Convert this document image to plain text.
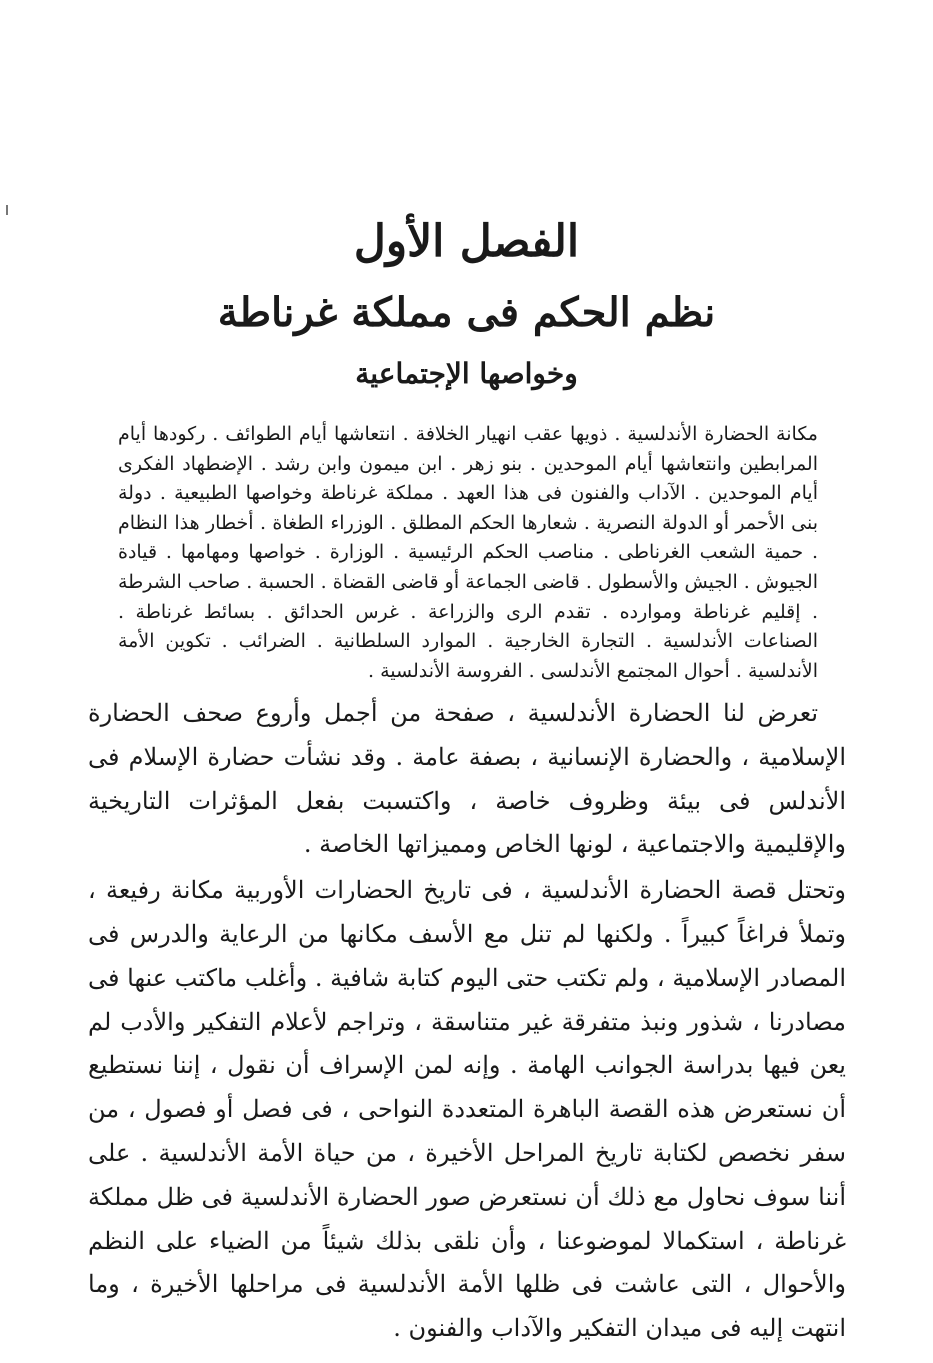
الفصل الأول
نظم الحكم فى مملكة غرناطة
وخواصها الإجتماعية
مكانة الحضارة الأندلسية . ذويها عقب انهيار الخلافة . انتعاشها أيام الطوائف . ركودها أيام المرابطين وانتعاشها أيام الموحدين . بنو زهر . ابن ميمون وابن رشد . الإضطهاد الفكرى أيام الموحدين . الآداب والفنون فى هذا العهد . مملكة غرناطة وخواصها الطبيعية . دولة بنى الأحمر أو الدولة النصرية . شعارها الحكم المطلق . الوزراء الطغاة . أخطار هذا النظام . حمية الشعب الغرناطى . مناصب الحكم الرئيسية . الوزارة . خواصها ومهامها . قيادة الجيوش . الجيش والأسطول . قاضى الجماعة أو قاضى القضاة . الحسبة . صاحب الشرطة . إقليم غرناطة وموارده . تقدم الرى والزراعة . غرس الحدائق . بسائط غرناطة . الصناعات الأندلسية . التجارة الخارجية . الموارد السلطانية . الضرائب . تكوين الأمة الأندلسية . أحوال المجتمع الأندلسى . الفروسة الأندلسية .

تعرض لنا الحضارة الأندلسية ، صفحة من أجمل وأروع صحف الحضارة الإسلامية ، والحضارة الإنسانية ، بصفة عامة . وقد نشأت حضارة الإسلام فى الأندلس فى بيئة وظروف خاصة ، واكتسبت بفعل المؤثرات التاريخية والإقليمية والاجتماعية ، لونها الخاص ومميزاتها الخاصة .

وتحتل قصة الحضارة الأندلسية ، فى تاريخ الحضارات الأوربية مكانة رفيعة ، وتملأ فراغاً كبيراً . ولكنها لم تنل مع الأسف مكانها من الرعاية والدرس فى المصادر الإسلامية ، ولم تكتب حتى اليوم كتابة شافية . وأغلب ماكتب عنها فى مصادرنا ، شذور ونبذ متفرقة غير متناسقة ، وتراجم لأعلام التفكير والأدب لم يعن فيها بدراسة الجوانب الهامة . وإنه لمن الإسراف أن نقول ، إننا نستطيع أن نستعرض هذه القصة الباهرة المتعددة النواحى ، فى فصل أو فصول ، من سفر نخصص لكتابة تاريخ المراحل الأخيرة ، من حياة الأمة الأندلسية . على أننا سوف نحاول مع ذلك أن نستعرض صور الحضارة الأندلسية فى ظل مملكة غرناطة ، استكمالا لموضوعنا ، وأن نلقى بذلك شيئاً من الضياء على النظم والأحوال ، التى عاشت فى ظلها الأمة الأندلسية فى مراحلها الأخيرة ، وما انتهت إليه فى ميدان التفكير والآداب والفنون .
